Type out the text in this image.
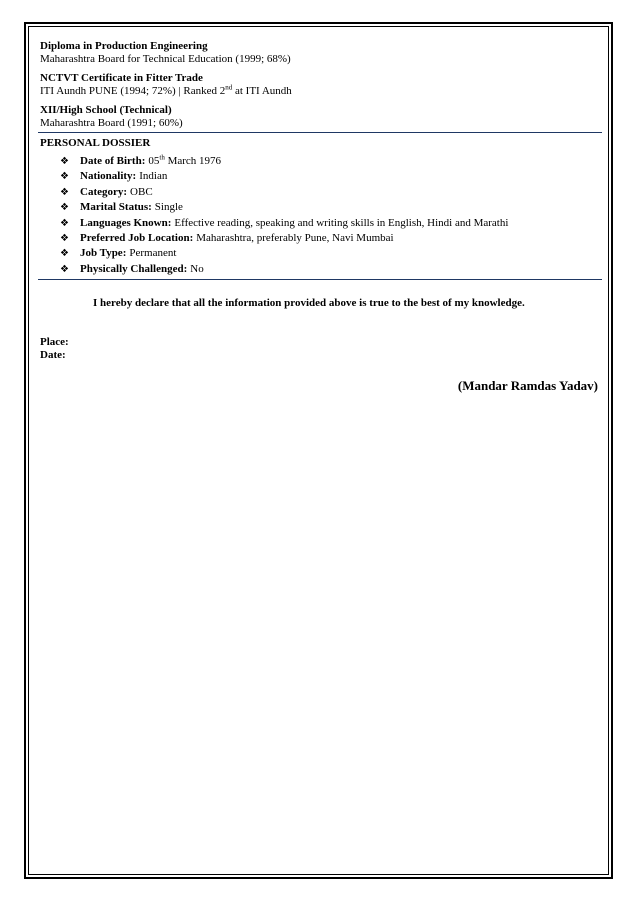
Diploma in Production Engineering
Maharashtra Board for Technical Education (1999; 68%)
NCTVT Certificate in Fitter Trade
ITI Aundh PUNE (1994; 72%) | Ranked 2nd at ITI Aundh
XII/High School (Technical)
Maharashtra Board (1991; 60%)
PERSONAL DOSSIER
❖	Date of Birth: 05th March 1976
❖	Nationality: Indian
❖	Category: OBC
❖	Marital Status: Single
❖	Languages Known: Effective reading, speaking and writing skills in English, Hindi and Marathi
❖	Preferred Job Location: Maharashtra, preferably Pune, Navi Mumbai
❖	Job Type: Permanent
❖	Physically Challenged: No
I hereby declare that all the information provided above is true to the best of my knowledge.
Place:
Date:
(Mandar Ramdas Yadav)
